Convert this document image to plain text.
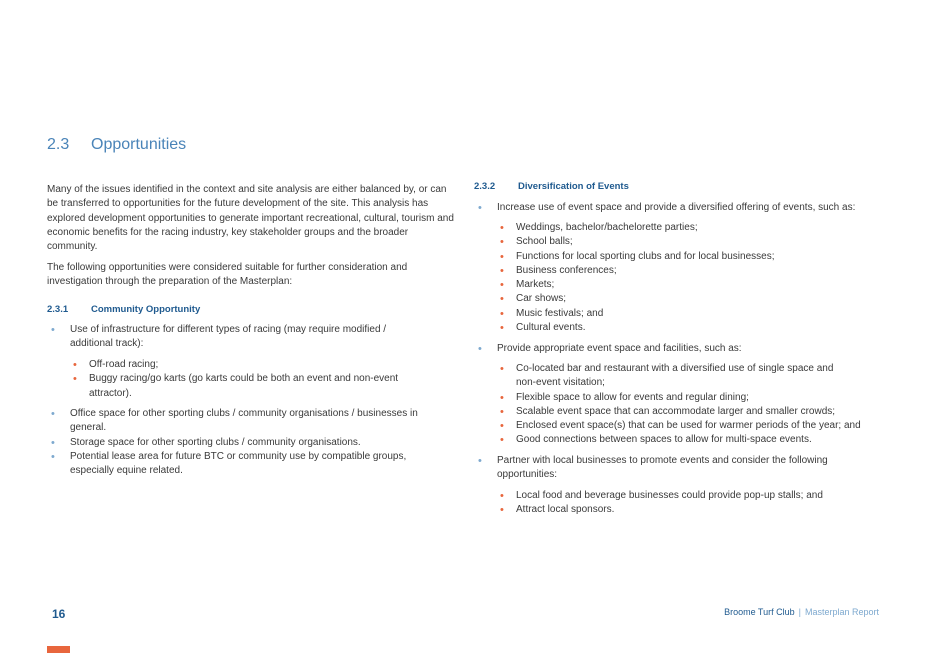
2.3 Opportunities

Many of the issues identified in the context and site analysis are either balanced by, or can be transferred to opportunities for the future development of the site. This analysis has explored development opportunities to generate important recreational, cultural, tourism and economic benefits for the racing industry, key stakeholder groups and the broader community.

The following opportunities were considered suitable for further consideration and investigation through the preparation of the Masterplan:

2.3.1 Community Opportunity
• Use of infrastructure for different types of racing (may require modified / additional track):
• Off-road racing;
• Buggy racing/go karts (go karts could be both an event and non-event attractor).
• Office space for other sporting clubs / community organisations / businesses in general.
• Storage space for other sporting clubs / community organisations.
• Potential lease area for future BTC or community use by compatible groups, especially equine related.
2.3.2 Diversification of Events
• Increase use of event space and provide a diversified offering of events, such as:
• Weddings, bachelor/bachelorette parties;
• School balls;
• Functions for local sporting clubs and for local businesses;
• Business conferences;
• Markets;
• Car shows;
• Music festivals; and
• Cultural events.
• Provide appropriate event space and facilities, such as:
• Co-located bar and restaurant with a diversified use of single space and non-event visitation;
• Flexible space to allow for events and regular dining;
• Scalable event space that can accommodate larger and smaller crowds;
• Enclosed event space(s) that can be used for warmer periods of the year; and
• Good connections between spaces to allow for multi-space events.
• Partner with local businesses to promote events and consider the following opportunities:
• Local food and beverage businesses could provide pop-up stalls; and
• Attract local sponsors.
16	Broome Turf Club | Masterplan Report
